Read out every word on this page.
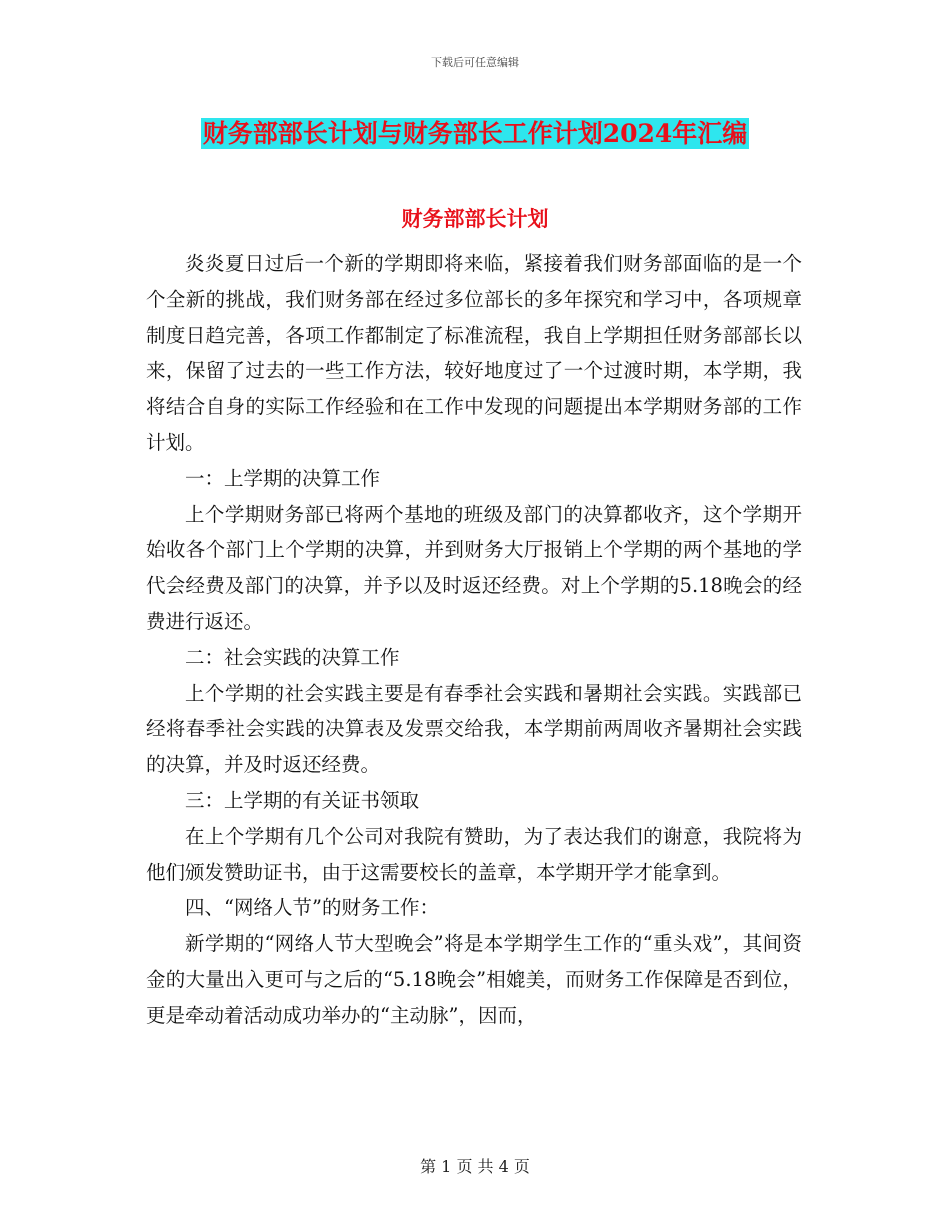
下载后可任意编辑
财务部部长计划与财务部长工作计划2024年汇编
财务部部长计划

炎炎夏日过后一个新的学期即将来临，紧接着我们财务部面临的是一个个全新的挑战，我们财务部在经过多位部长的多年探究和学习中，各项规章制度日趋完善，各项工作都制定了标准流程，我自上学期担任财务部部长以来，保留了过去的一些工作方法，较好地度过了一个过渡时期，本学期，我将结合自身的实际工作经验和在工作中发现的问题提出本学期财务部的工作计划。

一：上学期的决算工作

上个学期财务部已将两个基地的班级及部门的决算都收齐，这个学期开始收各个部门上个学期的决算，并到财务大厅报销上个学期的两个基地的学代会经费及部门的决算，并予以及时返还经费。对上个学期的5.18晚会的经费进行返还。

二：社会实践的决算工作

上个学期的社会实践主要是有春季社会实践和暑期社会实践。实践部已经将春季社会实践的决算表及发票交给我，本学期前两周收齐暑期社会实践的决算，并及时返还经费。

三：上学期的有关证书领取

在上个学期有几个公司对我院有赞助，为了表达我们的谢意，我院将为他们颁发赞助证书，由于这需要校长的盖章，本学期开学才能拿到。

四、“网络人节”的财务工作：

新学期的“网络人节大型晚会”将是本学期学生工作的“重头戏”，其间资金的大量出入更可与之后的“5.18晚会”相媲美，而财务工作保障是否到位，更是牵动着活动成功举办的“主动脉”，因而，

第 1 页 共 4 页
